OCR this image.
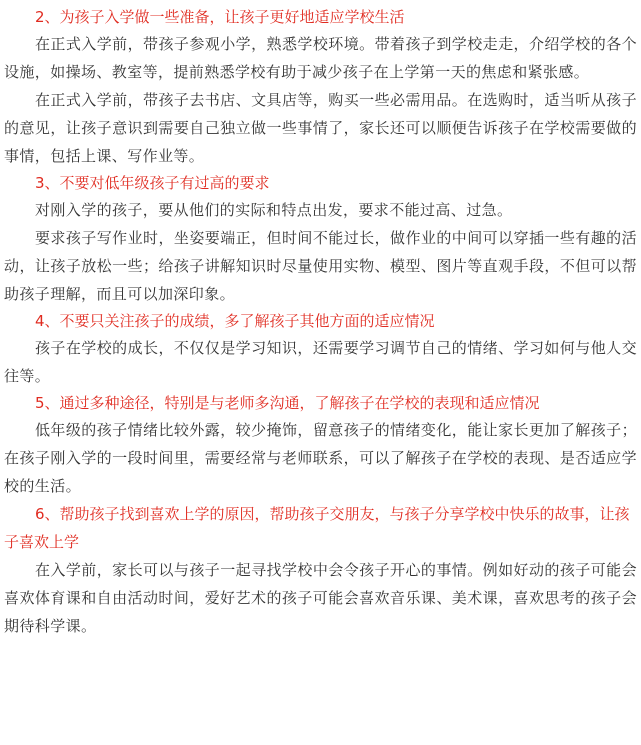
2、为孩子入学做一些准备，让孩子更好地适应学校生活

在正式入学前，带孩子参观小学，熟悉学校环境。带着孩子到学校走走，介绍学校的各个设施，如操场、教室等，提前熟悉学校有助于减少孩子在上学第一天的焦虑和紧张感。

在正式入学前，带孩子去书店、文具店等，购买一些必需用品。在选购时，适当听从孩子的意见，让孩子意识到需要自己独立做一些事情了，家长还可以顺便告诉孩子在学校需要做的事情，包括上课、写作业等。

3、不要对低年级孩子有过高的要求

对刚入学的孩子，要从他们的实际和特点出发，要求不能过高、过急。

要求孩子写作业时，坐姿要端正，但时间不能过长，做作业的中间可以穿插一些有趣的活动，让孩子放松一些；给孩子讲解知识时尽量使用实物、模型、图片等直观手段，不但可以帮助孩子理解，而且可以加深印象。

4、不要只关注孩子的成绩，多了解孩子其他方面的适应情况

孩子在学校的成长，不仅仅是学习知识，还需要学习调节自己的情绪、学习如何与他人交往等。

5、通过多种途径，特别是与老师多沟通，了解孩子在学校的表现和适应情况

低年级的孩子情绪比较外露，较少掩饰，留意孩子的情绪变化，能让家长更加了解孩子；在孩子刚入学的一段时间里，需要经常与老师联系，可以了解孩子在学校的表现、是否适应学校的生活。

6、帮助孩子找到喜欢上学的原因，帮助孩子交朋友，与孩子分享学校中快乐的故事，让孩子喜欢上学

在入学前，家长可以与孩子一起寻找学校中会令孩子开心的事情。例如好动的孩子可能会喜欢体育课和自由活动时间，爱好艺术的孩子可能会喜欢音乐课、美术课，喜欢思考的孩子会期待科学课。
